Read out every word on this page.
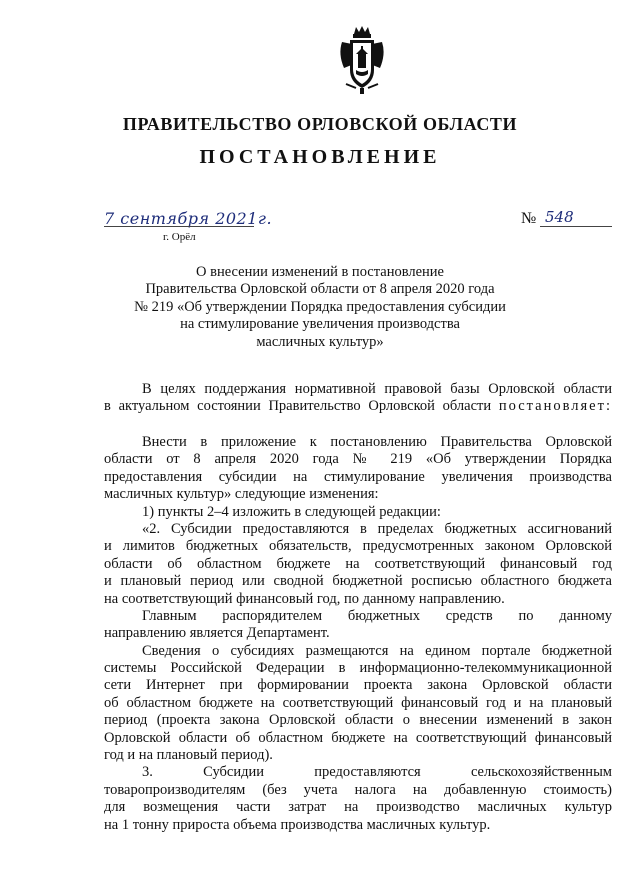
ПРАВИТЕЛЬСТВО ОРЛОВСКОЙ ОБЛАСТИ
ПОСТАНОВЛЕНИЕ
7 сентября 2021г.
г. Орёл
№ 548
О внесении изменений в постановление
Правительства Орловской области от 8 апреля 2020 года
№ 219 «Об утверждении Порядка предоставления субсидии
на стимулирование увеличения производства
масличных культур»
В целях поддержания нормативной правовой базы Орловской области
в актуальном состоянии Правительство Орловской области постановляет:
Внести в приложение к постановлению Правительства Орловской
области от 8 апреля 2020 года № 219 «Об утверждении Порядка
предоставления субсидии на стимулирование увеличения производства
масличных культур» следующие изменения:
1) пункты 2–4 изложить в следующей редакции:
«2. Субсидии предоставляются в пределах бюджетных ассигнований
и лимитов бюджетных обязательств, предусмотренных законом Орловской
области об областном бюджете на соответствующий финансовый год
и плановый период или сводной бюджетной росписью областного бюджета
на соответствующий финансовый год, по данному направлению.
Главным распорядителем бюджетных средств по данному
направлению является Департамент.
Сведения о субсидиях размещаются на едином портале бюджетной
системы Российской Федерации в информационно-телекоммуникационной
сети Интернет при формировании проекта закона Орловской области
об областном бюджете на соответствующий финансовый год и на плановый
период (проекта закона Орловской области о внесении изменений в закон
Орловской области об областном бюджете на соответствующий финансовый
год и на плановый период).
3. Субсидии предоставляются сельскохозяйственным
товаропроизводителям (без учета налога на добавленную стоимость)
для возмещения части затрат на производство масличных культур
на 1 тонну прироста объема производства масличных культур.
